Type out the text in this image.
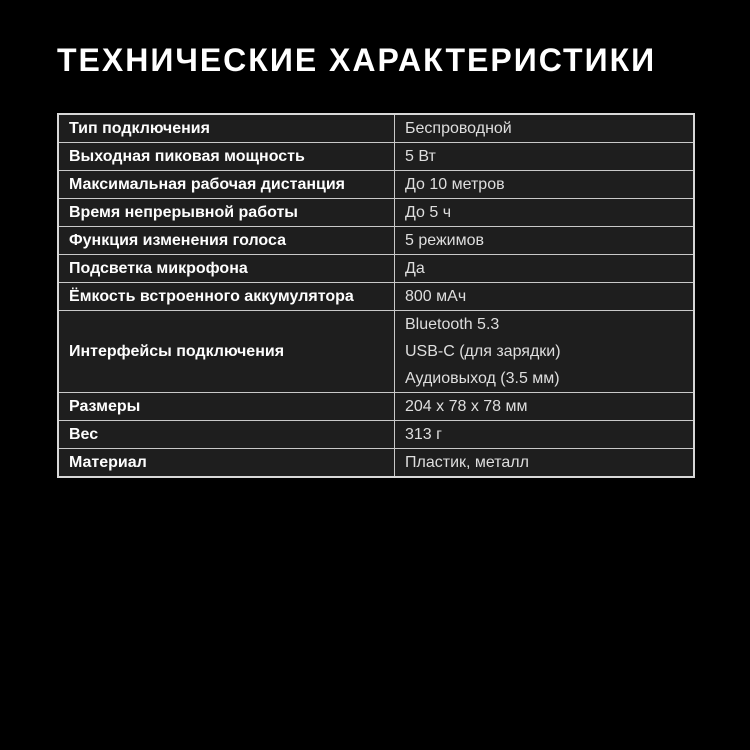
ТЕХНИЧЕСКИЕ ХАРАКТЕРИСТИКИ
Тип подключения	Беспроводной

Выходная пиковая мощность	5 Вт

Максимальная рабочая дистанция	До 10 метров

Время непрерывной работы	До 5 ч

Функция изменения голоса	5 режимов

Подсветка микрофона	Да

Ёмкость встроенного аккумулятора	800 мАч

Интерфейсы подключения	Bluetooth 5.3
USB-C (для зарядки)
Аудиовыход (3.5 мм)

Размеры	204 x 78 x 78 мм

Вес	313 г

Материал	Пластик, металл
